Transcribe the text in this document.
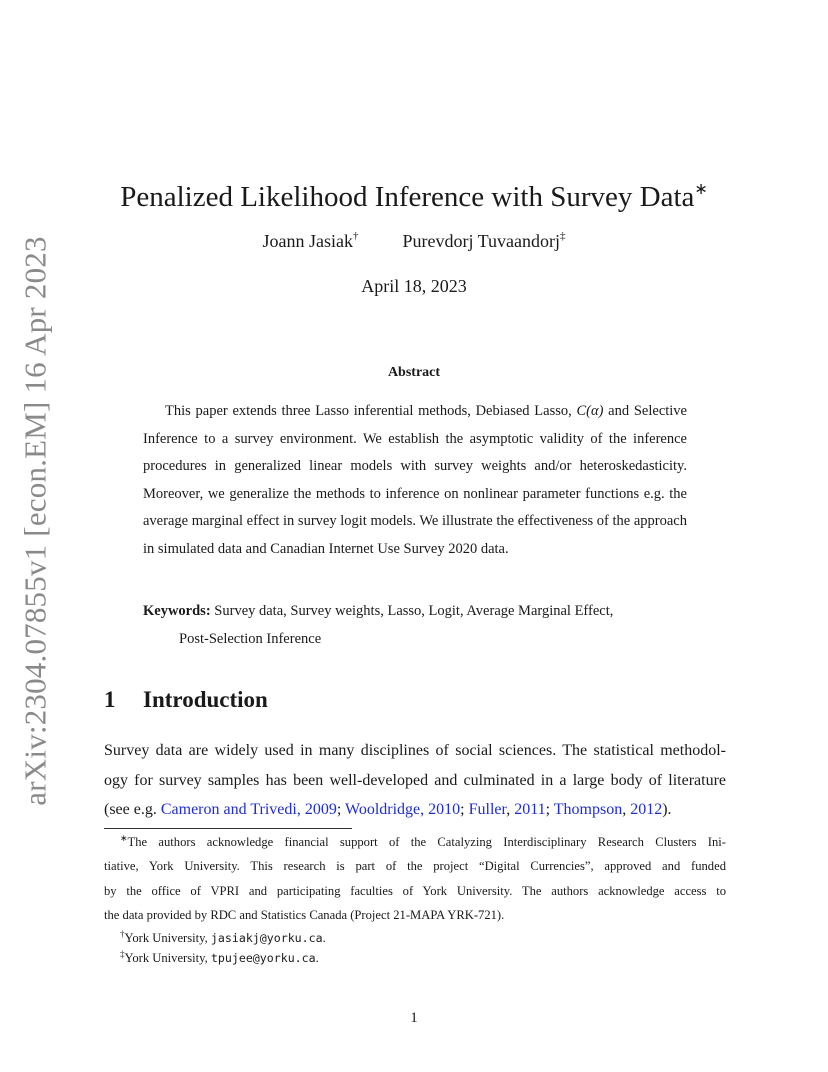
arXiv:2304.07855v1 [econ.EM] 16 Apr 2023
Penalized Likelihood Inference with Survey Data∗
Joann Jasiak† Purevdorj Tuvaandorj‡
April 18, 2023
Abstract

This paper extends three Lasso inferential methods, Debiased Lasso, C(α) and Selective Inference to a survey environment. We establish the asymptotic validity of the inference procedures in generalized linear models with survey weights and/or heteroskedasticity. Moreover, we generalize the methods to inference on nonlinear parameter functions e.g. the average marginal effect in survey logit models. We illustrate the effectiveness of the approach in simulated data and Canadian Internet Use Survey 2020 data.

Keywords: Survey data, Survey weights, Lasso, Logit, Average Marginal Effect,
Post-Selection Inference
1 Introduction
Survey data are widely used in many disciplines of social sciences. The statistical methodol-
ogy for survey samples has been well-developed and culminated in a large body of literature
(see e.g. Cameron and Trivedi, 2009; Wooldridge, 2010; Fuller, 2011; Thompson, 2012).
∗The authors acknowledge financial support of the Catalyzing Interdisciplinary Research Clusters Ini-
tiative, York University. This research is part of the project “Digital Currencies”, approved and funded
by the office of VPRI and participating faculties of York University. The authors acknowledge access to
the data provided by RDC and Statistics Canada (Project 21-MAPA YRK-721).
†York University, jasiakj@yorku.ca.
‡York University, tpujee@yorku.ca.
1
